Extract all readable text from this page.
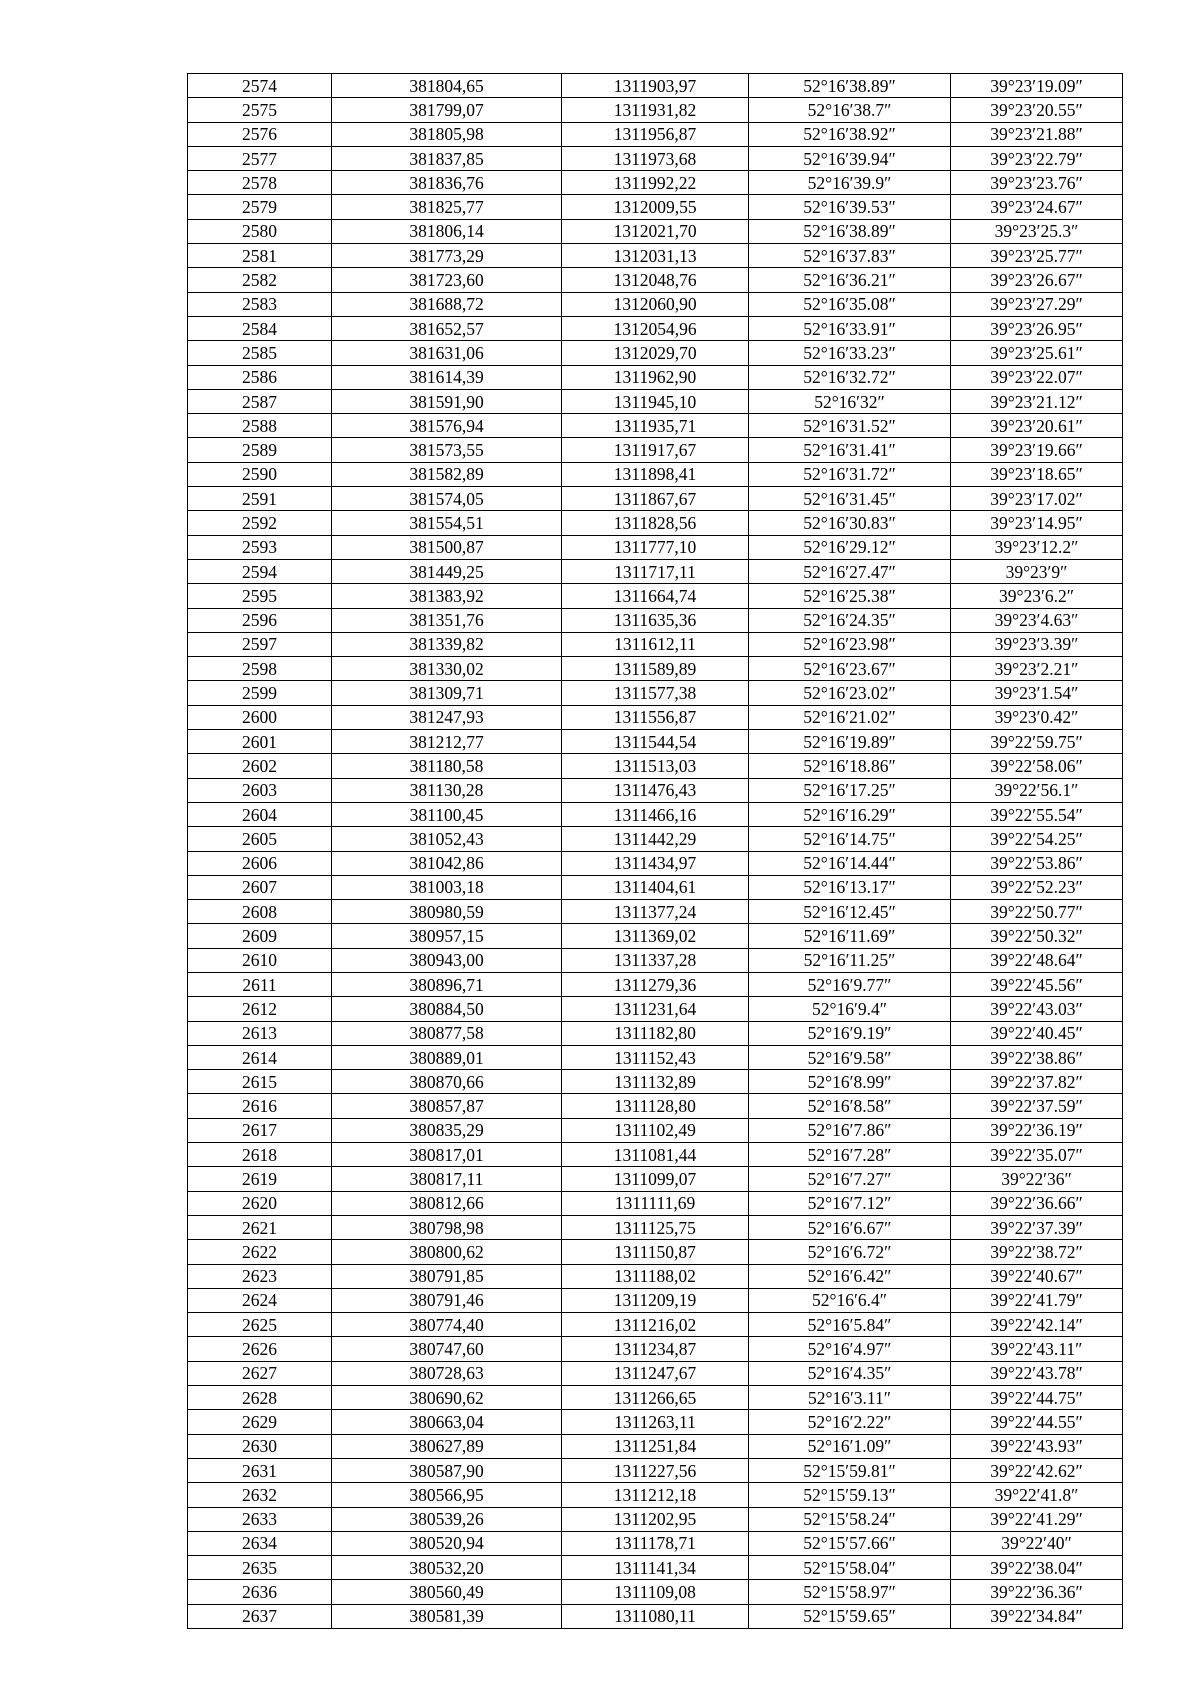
2574	381804,65	1311903,97	52°16′38.89″	39°23′19.09″
2575	381799,07	1311931,82	52°16′38.7″	39°23′20.55″
2576	381805,98	1311956,87	52°16′38.92″	39°23′21.88″
2577	381837,85	1311973,68	52°16′39.94″	39°23′22.79″
2578	381836,76	1311992,22	52°16′39.9″	39°23′23.76″
2579	381825,77	1312009,55	52°16′39.53″	39°23′24.67″
2580	381806,14	1312021,70	52°16′38.89″	39°23′25.3″
2581	381773,29	1312031,13	52°16′37.83″	39°23′25.77″
2582	381723,60	1312048,76	52°16′36.21″	39°23′26.67″
2583	381688,72	1312060,90	52°16′35.08″	39°23′27.29″
2584	381652,57	1312054,96	52°16′33.91″	39°23′26.95″
2585	381631,06	1312029,70	52°16′33.23″	39°23′25.61″
2586	381614,39	1311962,90	52°16′32.72″	39°23′22.07″
2587	381591,90	1311945,10	52°16′32″	39°23′21.12″
2588	381576,94	1311935,71	52°16′31.52″	39°23′20.61″
2589	381573,55	1311917,67	52°16′31.41″	39°23′19.66″
2590	381582,89	1311898,41	52°16′31.72″	39°23′18.65″
2591	381574,05	1311867,67	52°16′31.45″	39°23′17.02″
2592	381554,51	1311828,56	52°16′30.83″	39°23′14.95″
2593	381500,87	1311777,10	52°16′29.12″	39°23′12.2″
2594	381449,25	1311717,11	52°16′27.47″	39°23′9″
2595	381383,92	1311664,74	52°16′25.38″	39°23′6.2″
2596	381351,76	1311635,36	52°16′24.35″	39°23′4.63″
2597	381339,82	1311612,11	52°16′23.98″	39°23′3.39″
2598	381330,02	1311589,89	52°16′23.67″	39°23′2.21″
2599	381309,71	1311577,38	52°16′23.02″	39°23′1.54″
2600	381247,93	1311556,87	52°16′21.02″	39°23′0.42″
2601	381212,77	1311544,54	52°16′19.89″	39°22′59.75″
2602	381180,58	1311513,03	52°16′18.86″	39°22′58.06″
2603	381130,28	1311476,43	52°16′17.25″	39°22′56.1″
2604	381100,45	1311466,16	52°16′16.29″	39°22′55.54″
2605	381052,43	1311442,29	52°16′14.75″	39°22′54.25″
2606	381042,86	1311434,97	52°16′14.44″	39°22′53.86″
2607	381003,18	1311404,61	52°16′13.17″	39°22′52.23″
2608	380980,59	1311377,24	52°16′12.45″	39°22′50.77″
2609	380957,15	1311369,02	52°16′11.69″	39°22′50.32″
2610	380943,00	1311337,28	52°16′11.25″	39°22′48.64″
2611	380896,71	1311279,36	52°16′9.77″	39°22′45.56″
2612	380884,50	1311231,64	52°16′9.4″	39°22′43.03″
2613	380877,58	1311182,80	52°16′9.19″	39°22′40.45″
2614	380889,01	1311152,43	52°16′9.58″	39°22′38.86″
2615	380870,66	1311132,89	52°16′8.99″	39°22′37.82″
2616	380857,87	1311128,80	52°16′8.58″	39°22′37.59″
2617	380835,29	1311102,49	52°16′7.86″	39°22′36.19″
2618	380817,01	1311081,44	52°16′7.28″	39°22′35.07″
2619	380817,11	1311099,07	52°16′7.27″	39°22′36″
2620	380812,66	1311111,69	52°16′7.12″	39°22′36.66″
2621	380798,98	1311125,75	52°16′6.67″	39°22′37.39″
2622	380800,62	1311150,87	52°16′6.72″	39°22′38.72″
2623	380791,85	1311188,02	52°16′6.42″	39°22′40.67″
2624	380791,46	1311209,19	52°16′6.4″	39°22′41.79″
2625	380774,40	1311216,02	52°16′5.84″	39°22′42.14″
2626	380747,60	1311234,87	52°16′4.97″	39°22′43.11″
2627	380728,63	1311247,67	52°16′4.35″	39°22′43.78″
2628	380690,62	1311266,65	52°16′3.11″	39°22′44.75″
2629	380663,04	1311263,11	52°16′2.22″	39°22′44.55″
2630	380627,89	1311251,84	52°16′1.09″	39°22′43.93″
2631	380587,90	1311227,56	52°15′59.81″	39°22′42.62″
2632	380566,95	1311212,18	52°15′59.13″	39°22′41.8″
2633	380539,26	1311202,95	52°15′58.24″	39°22′41.29″
2634	380520,94	1311178,71	52°15′57.66″	39°22′40″
2635	380532,20	1311141,34	52°15′58.04″	39°22′38.04″
2636	380560,49	1311109,08	52°15′58.97″	39°22′36.36″
2637	380581,39	1311080,11	52°15′59.65″	39°22′34.84″
